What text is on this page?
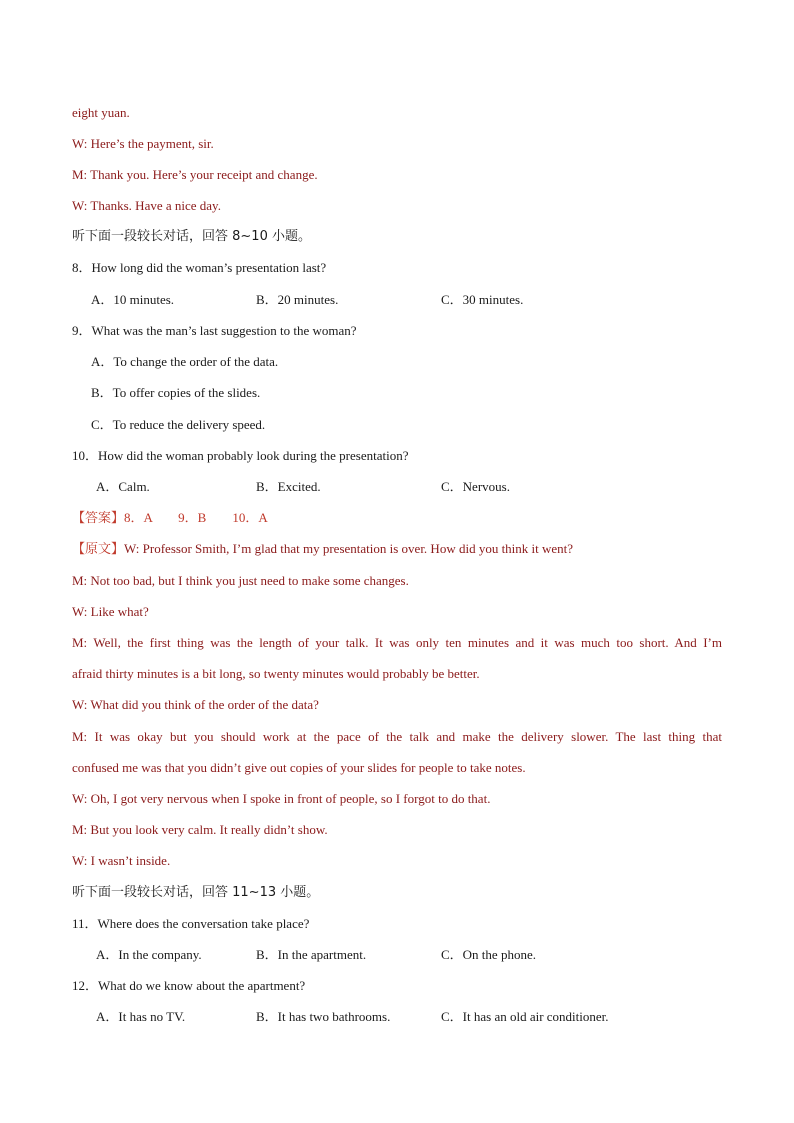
eight yuan.
W: Here’s the payment, sir.
M: Thank you. Here’s your receipt and change.
W: Thanks. Have a nice day.
听下面一段较长对话，回答 8~10 小题。
8．How long did the woman’s presentation last?
A．10 minutes.	B．20 minutes.	C．30 minutes.
9．What was the man’s last suggestion to the woman?
A．To change the order of the data.
B．To offer copies of the slides.
C．To reduce the delivery speed.
10．How did the woman probably look during the presentation?
A．Calm.	B．Excited.	C．Nervous.
【答案】8．A　　9．B　　10．A
【原文】W: Professor Smith, I’m glad that my presentation is over. How did you think it went?
M: Not too bad, but I think you just need to make some changes.
W: Like what?
M: Well, the first thing was the length of your talk. It was only ten minutes and it was much too short. And I’m
afraid thirty minutes is a bit long, so twenty minutes would probably be better.
W: What did you think of the order of the data?
M: It was okay but you should work at the pace of the talk and make the delivery slower. The last thing that
confused me was that you didn’t give out copies of your slides for people to take notes.
W: Oh, I got very nervous when I spoke in front of people, so I forgot to do that.
M: But you look very calm. It really didn’t show.
W: I wasn’t inside.
听下面一段较长对话，回答 11~13 小题。
11．Where does the conversation take place?
A．In the company.	B．In the apartment.	C．On the phone.
12．What do we know about the apartment?
A．It has no TV.	B．It has two bathrooms.	C．It has an old air conditioner.
